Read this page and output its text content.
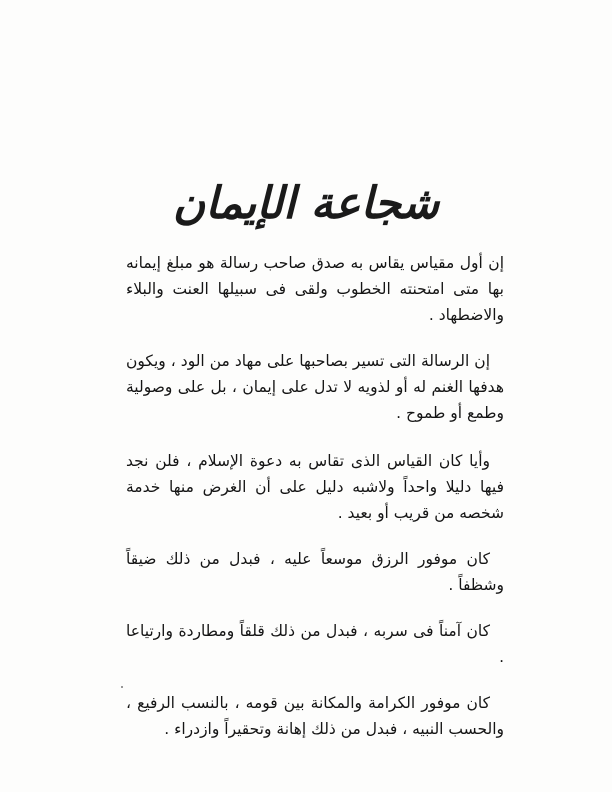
شجاعة الإيمان

إن أول مقياس يقاس به صدق صاحب رسالة هو مبلغ إيمانه بها متى امتحنته الخطوب ولقى فى سبيلها العنت والبلاء والاضطهاد .

إن الرسالة التى تسير بصاحبها على مهاد من الود ، ويكون هدفها الغنم له أو لذويه لا تدل على إيمان ، بل على وصولية وطمع أو طموح .

وأيا كان القياس الذى تقاس به دعوة الإسلام ، فلن نجد فيها دليلا واحداً ولاشبه دليل على أن الغرض منها خدمة شخصه من قريب أو بعيد .

كان موفور الرزق موسعاً عليه ، فبدل من ذلك ضيقاً وشظفاً .

كان آمناً فى سربه ، فبدل من ذلك قلقاً ومطاردة وارتياعا .

كان موفور الكرامة والمكانة بين قومه ، بالنسب الرفيع ، والحسب النبيه ، فبدل من ذلك إهانة وتحقيراً وازدراء .
